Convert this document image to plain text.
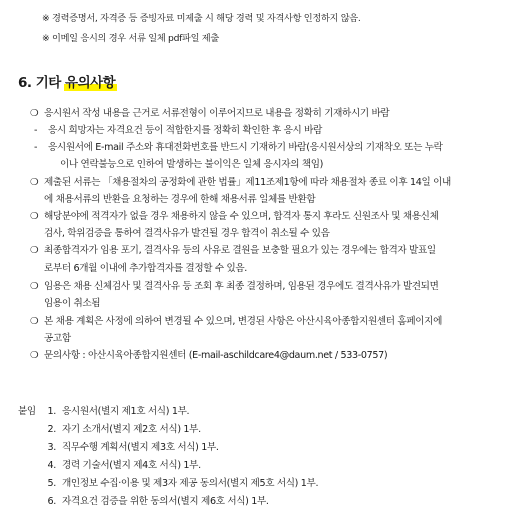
※ 경력증명서, 자격증 등 증빙자료 미제출 시 해당 경력 및 자격사항 인정하지 않음.
※ 이메일 응시의 경우 서류 일체 pdf파일 제출
6. 기타 유의사항
❍ 응시원서 작성 내용을 근거로 서류전형이 이루어지므로 내용을 정확히 기재하시기 바람
- 응시 희망자는 자격요건 등이 적합한지를 정확히 확인한 후 응시 바람
- 응시원서에 E-mail 주소와 휴대전화번호를 반드시 기재하기 바람(응시원서상의 기재착오 또는 누락
이나 연락불능으로 인하여 발생하는 불이익은 일체 응시자의 책임)
❍ 제출된 서류는 「채용절차의 공정화에 관한 법률」제11조제1항에 따라 채용절차 종료 이후 14일 이내
에 채용서류의 반환을 요청하는 경우에 한해 채용서류 일체를 반환함
❍ 해당분야에 적격자가 없을 경우 채용하지 않을 수 있으며, 합격자 통지 후라도 신원조사 및 채용신체
검사, 학위검증을 통하여 결격사유가 발견될 경우 합격이 취소될 수 있음
❍ 최종합격자가 임용 포기, 결격사유 등의 사유로 결원을 보충할 필요가 있는 경우에는 합격자 발표일
로부터 6개월 이내에 추가합격자를 결정할 수 있음.
❍ 임용은 채용 신체검사 및 결격사유 등 조회 후 최종 결정하며, 임용된 경우에도 결격사유가 발견되면
임용이 취소됨
❍ 본 채용 계획은 사정에 의하여 변경될 수 있으며, 변경된 사항은 아산시육아종합지원센터 홈페이지에
공고함
❍ 문의사항 : 아산시육아종합지원센터 (E-mail-aschildcare4@daum.net / 533-0757)
붙임	1. 응시원서(별지 제1호 서식) 1부.
2. 자기 소개서(별지 제2호 서식) 1부.
3. 직무수행 계획서(별지 제3호 서식) 1부.
4. 경력 기술서(별지 제4호 서식) 1부.
5. 개인정보 수집·이용 및 제3자 제공 동의서(별지 제5호 서식) 1부.
6. 자격요건 검증을 위한 동의서(별지 제6호 서식) 1부.
